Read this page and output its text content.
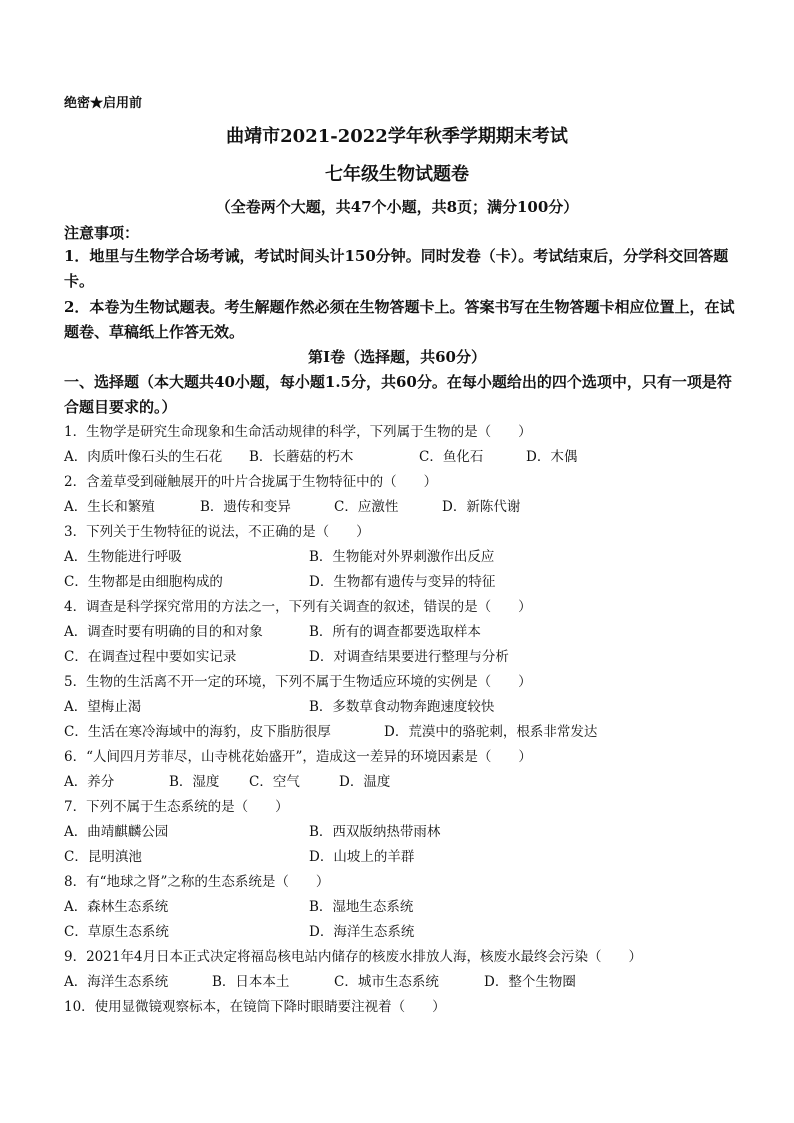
绝密★启用前
曲靖市2021-2022学年秋季学期期末考试
七年级生物试题卷
（全卷两个大题，共47个小题，共8页；满分100分）
注意事项：
1．地里与生物学合场考诫，考试时间头计150分钟。同时发卷（卡）。考试结束后，分学科交回答题卡。
2．本卷为生物试题表。考生解题作然必须在生物答题卡上。答案书写在生物答题卡相应位置上，在试题卷、草稿纸上作答无效。
第Ⅰ卷（选择题，共60分）
一、选择题（本大题共40小题，每小题1.5分，共60分。在每小题给出的四个选项中，只有一项是符合题目要求的。）
1．生物学是研究生命现象和生命活动规律的科学，下列属于生物的是（　　）
A．肉质叶像石头的生石花 B．长蘑菇的朽木	C．鱼化石	D．木偶
2．含羞草受到碰触展开的叶片合拢属于生物特征中的（　　）
A．生长和繁殖	B．遗传和变异	C．应激性	D．新陈代谢
3．下列关于生物特征的说法，不正确的是（　　）
A．生物能进行呼吸	B．生物能对外界刺激作出反应
C．生物都是由细胞构成的	D．生物都有遗传与变异的特征
4．调查是科学探究常用的方法之一，下列有关调查的叙述，错误的是（　　）
A．调查时要有明确的目的和对象	B．所有的调查都要选取样本
C．在调查过程中要如实记录	D．对调查结果要进行整理与分析
5．生物的生活离不开一定的环境，下列不属于生物适应环境的实例是（　　）
A．望梅止渴	B．多数草食动物奔跑速度较快
C．生活在寒冷海域中的海豹，皮下脂肪很厚	D．荒漠中的骆驼刺，根系非常发达
6．“人间四月芳菲尽，山寺桃花始盛开”，造成这一差异的环境因素是（　　）
A．养分	B．湿度 C．空气	D．温度
7．下列不属于生态系统的是（　　）
A．曲靖麒麟公园	B．西双版纳热带雨林
C．昆明滇池	D．山坡上的羊群
8．有“地球之肾”之称的生态系统是（　　）
A．森林生态系统	B．湿地生态系统
C．草原生态系统	D．海洋生态系统
9．2021年4月日本正式决定将福岛核电站内储存的核废水排放人海，核废水最终会污染（　　）
A．海洋生态系统	B．日本本土	C．城市生态系统	D．整个生物圈
10．使用显微镜观察标本，在镜筒下降时眼睛要注视着（　　）
